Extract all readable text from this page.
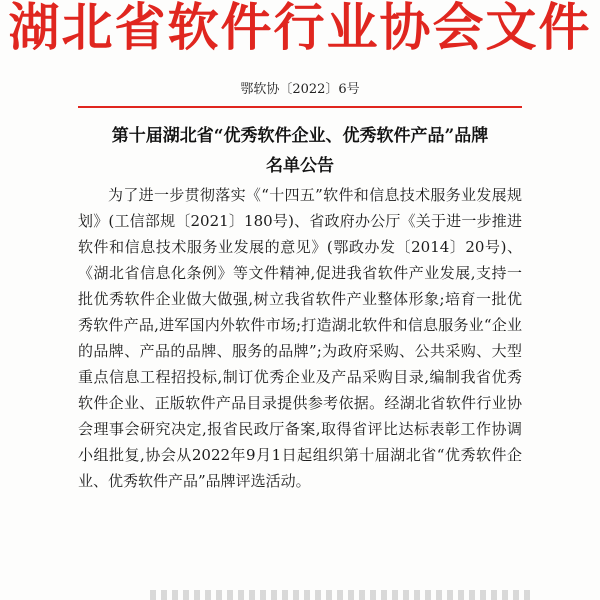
湖北省软件行业协会文件
鄂软协〔2022〕6号
第十届湖北省“优秀软件企业、优秀软件产品”品牌
名单公告

为了进一步贯彻落实《“十四五”软件和信息技术服务业发展规划》(工信部规〔2021〕180号)、省政府办公厅《关于进一步推进软件和信息技术服务业发展的意见》(鄂政办发〔2014〕20号)、《湖北省信息化条例》等文件精神,促进我省软件产业发展,支持一批优秀软件企业做大做强,树立我省软件产业整体形象;培育一批优秀软件产品,进军国内外软件市场;打造湖北软件和信息服务业“企业的品牌、产品的品牌、服务的品牌”;为政府采购、公共采购、大型重点信息工程招投标,制订优秀企业及产品采购目录,编制我省优秀软件企业、正版软件产品目录提供参考依据。经湖北省软件行业协会理事会研究决定,报省民政厅备案,取得省评比达标表彰工作协调小组批复,协会从2022年9月1日起组织第十届湖北省“优秀软件企业、优秀软件产品”品牌评选活动。
